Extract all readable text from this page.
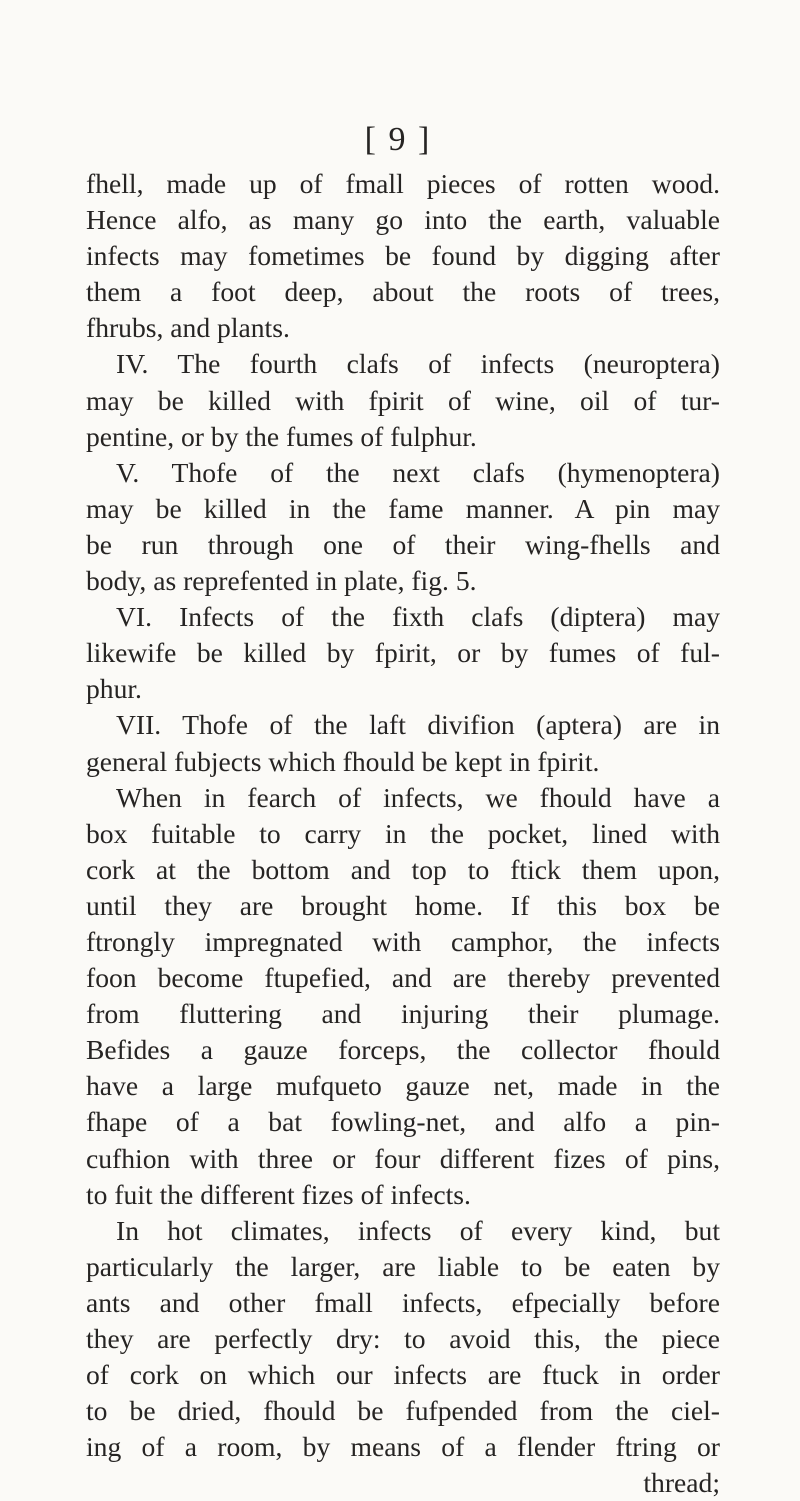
[ 9 ]
fhell, made up of fmall pieces of rotten wood.
Hence alfo, as many go into the earth, valuable
infects may fometimes be found by digging after
them a foot deep, about the roots of trees,
fhrubs, and plants.
IV. The fourth clafs of infects (neuroptera)
may be killed with fpirit of wine, oil of tur-
pentine, or by the fumes of fulphur.
V. Thofe of the next clafs (hymenoptera)
may be killed in the fame manner. A pin may
be run through one of their wing-fhells and
body, as reprefented in plate, fig. 5.
VI. Infects of the fixth clafs (diptera) may
likewife be killed by fpirit, or by fumes of ful-
phur.
VII. Thofe of the laft divifion (aptera) are in
general fubjects which fhould be kept in fpirit.
When in fearch of infects, we fhould have a
box fuitable to carry in the pocket, lined with
cork at the bottom and top to ftick them upon,
until they are brought home. If this box be
ftrongly impregnated with camphor, the infects
foon become ftupefied, and are thereby prevented
from fluttering and injuring their plumage.
Befides a gauze forceps, the collector fhould
have a large mufqueto gauze net, made in the
fhape of a bat fowling-net, and alfo a pin-
cufhion with three or four different fizes of pins,
to fuit the different fizes of infects.
In hot climates, infects of every kind, but
particularly the larger, are liable to be eaten by
ants and other fmall infects, efpecially before
they are perfectly dry: to avoid this, the piece
of cork on which our infects are ftuck in order
to be dried, fhould be fufpended from the ciel-
ing of a room, by means of a flender ftring or
thread;
